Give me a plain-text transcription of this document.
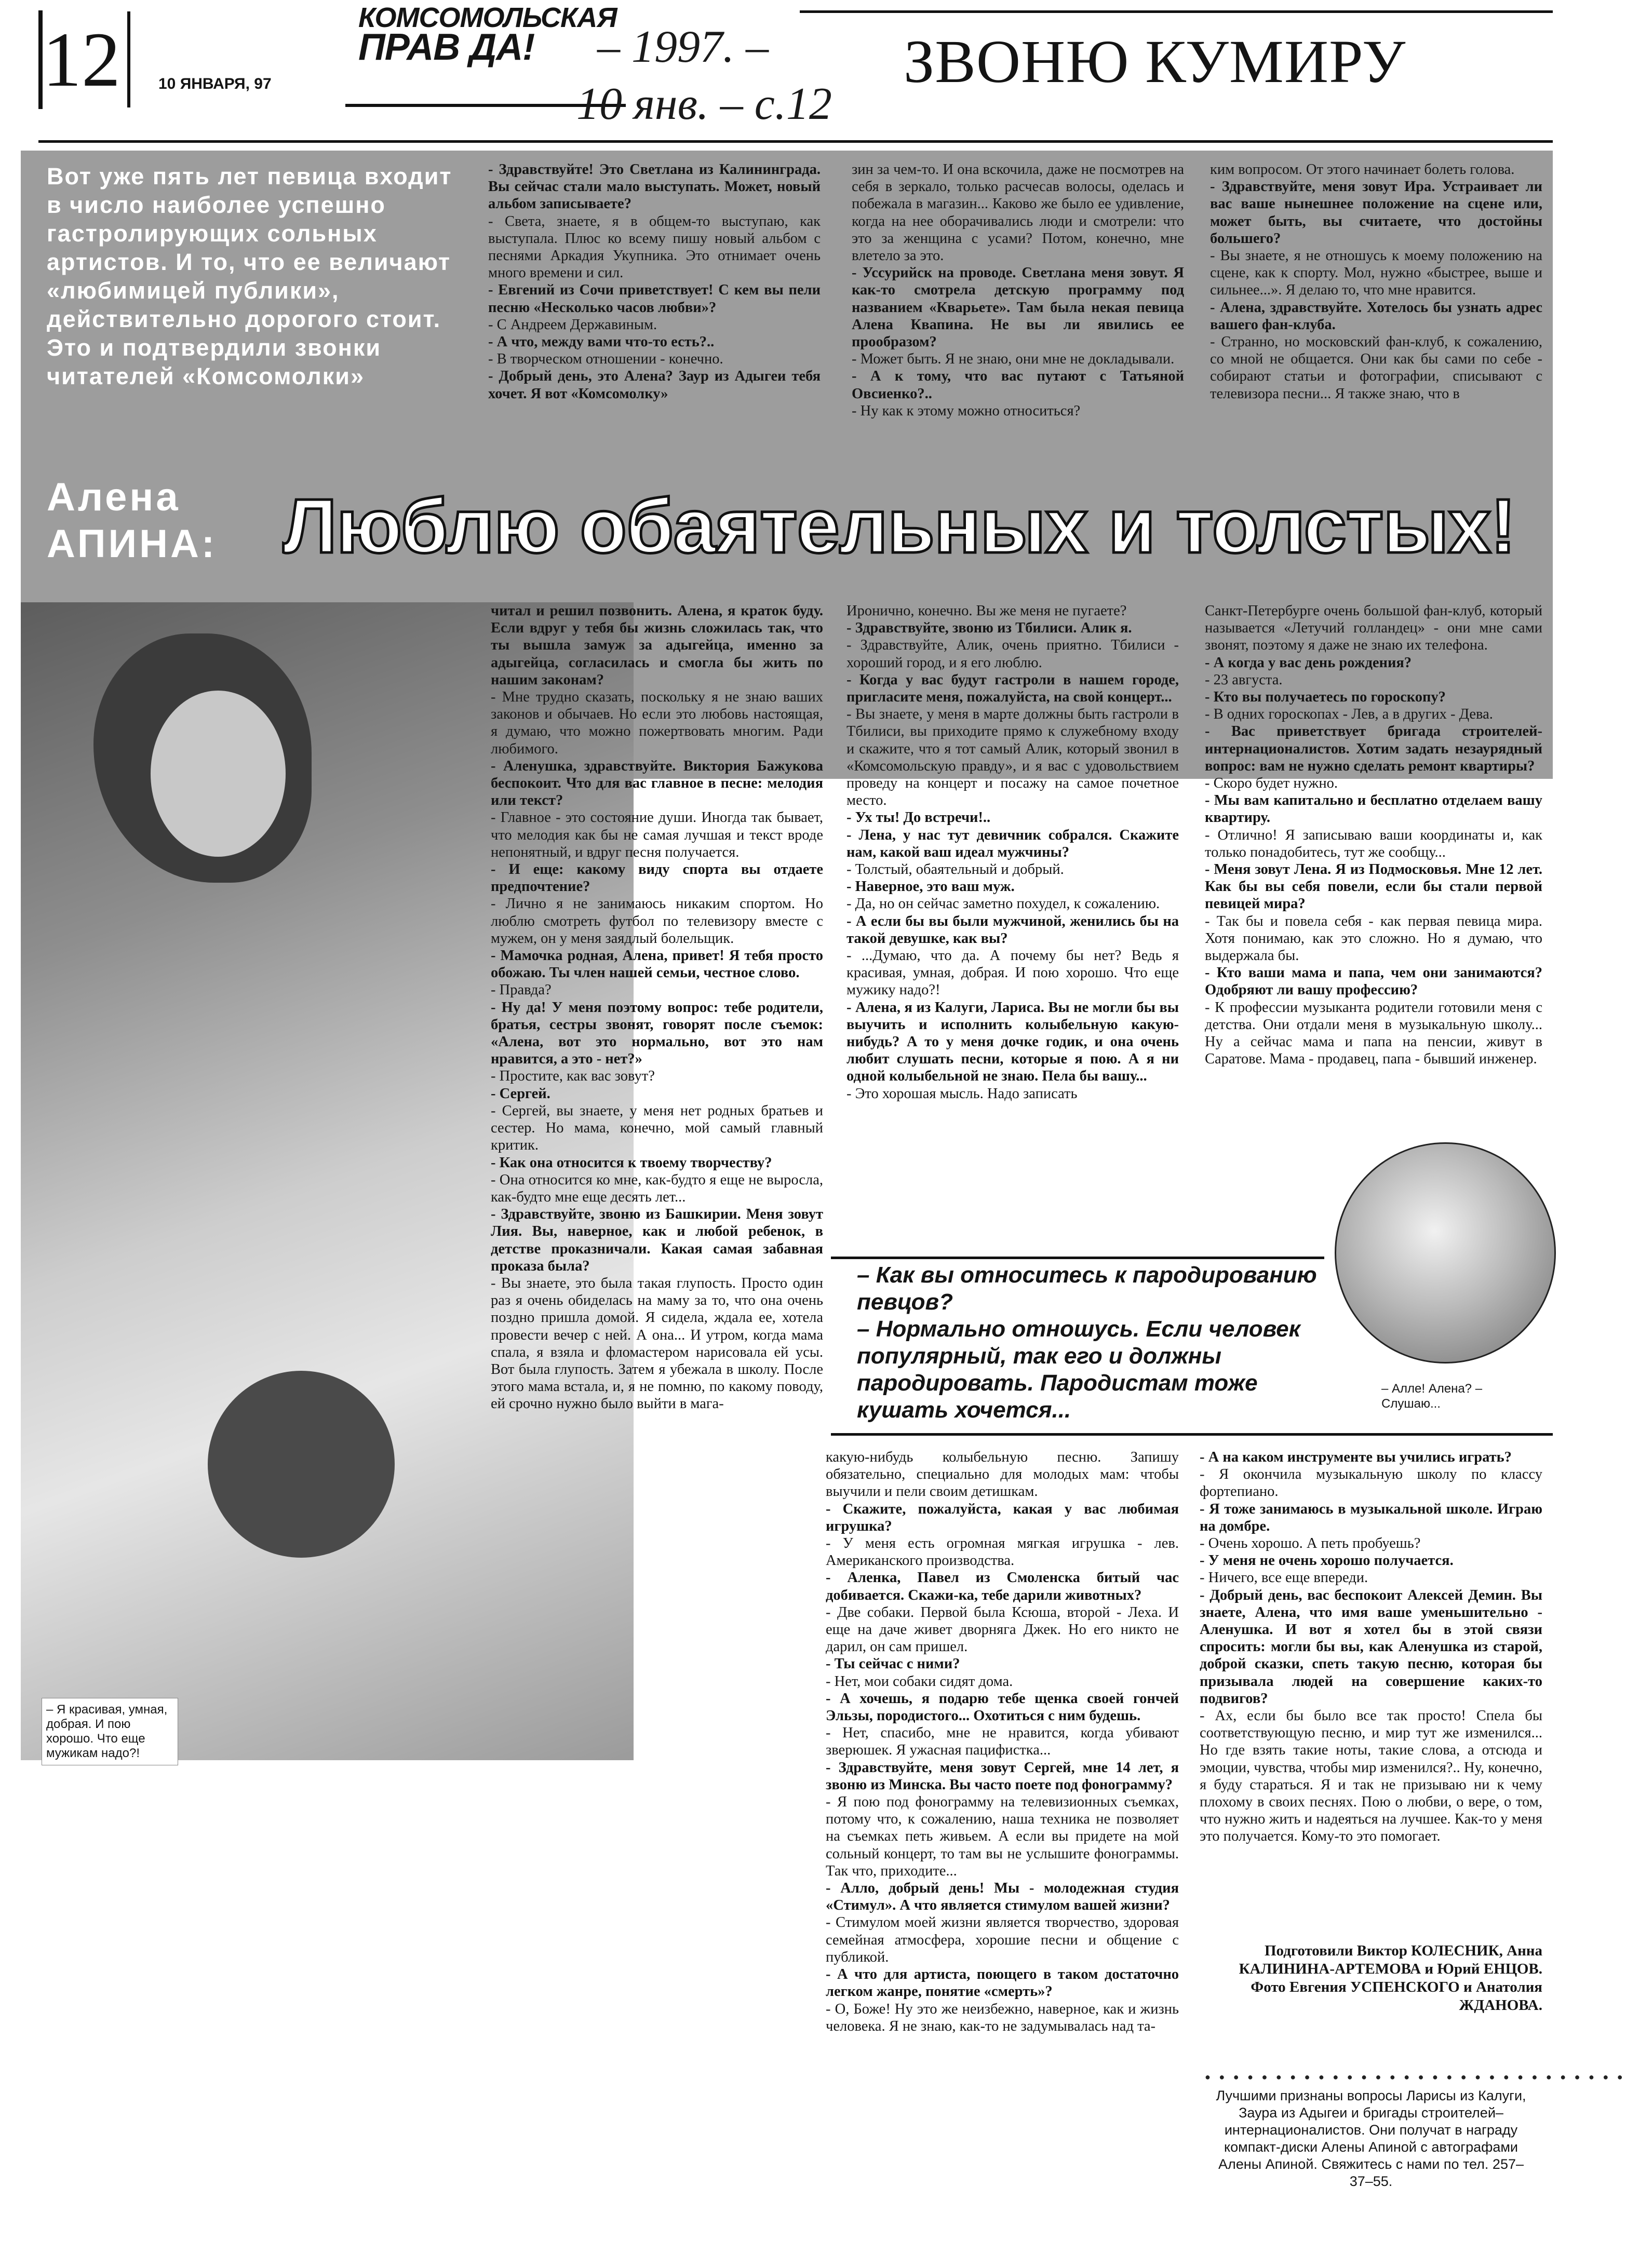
12 10 ЯНВАРЯ, 97
КОМСОМОЛЬСКАЯ
ПРАВ ДА!	– 1997. –
10 янв. – с.12
ЗВОНЮ КУМИРУ
Вот уже пять лет певица входит в число наиболее успешно гастролирующих сольных артистов. И то, что ее величают «любимицей публики», действительно дорогого стоит. Это и подтвердили звонки читателей «Комсомолки»
Алена
АПИНА: Люблю обаятельных и толстых!
- Здравствуйте! Это Светлана из Калининграда. Вы сейчас стали мало выступать. Может, новый альбом записываете?
- Света, знаете, я в общем-то выступаю, как выступала. Плюс ко всему пишу новый альбом с песнями Аркадия Укупника. Это отнимает очень много времени и сил.
- Евгений из Сочи приветствует! С кем вы пели песню «Несколько часов любви»?
- С Андреем Державиным.
- А что, между вами что-то есть?..
- В творческом отношении - конечно.
- Добрый день, это Алена? Заур из Адыгеи тебя хочет. Я вот «Комсомолку»
зин за чем-то. И она вскочила, даже не посмотрев на себя в зеркало, только расчесав волосы, оделась и побежала в магазин... Каково же было ее удивление, когда на нее оборачивались люди и смотрели: что это за женщина с усами? Потом, конечно, мне влетело за это.
- Уссурийск на проводе. Светлана меня зовут. Я как-то смотрела детскую программу под названием «Кварьете». Там была некая певица Алена Квапина. Не вы ли явились ее прообразом?
- Может быть. Я не знаю, они мне не докладывали.
- А к тому, что вас путают с Татьяной Овсиенко?..
- Ну как к этому можно относиться?
ким вопросом. От этого начинает болеть голова.
- Здравствуйте, меня зовут Ира. Устраивает ли вас ваше нынешнее положение на сцене или, может быть, вы считаете, что достойны большего?
- Вы знаете, я не отношусь к моему положению на сцене, как к спорту. Мол, нужно «быстрее, выше и сильнее...». Я делаю то, что мне нравится.
- Алена, здравствуйте. Хотелось бы узнать адрес вашего фан-клуба.
- Странно, но московский фан-клуб, к сожалению, со мной не общается. Они как бы сами по себе - собирают статьи и фотографии, списывают с телевизора песни... Я также знаю, что в
читал и решил позвонить. Алена, я краток буду. Если вдруг у тебя бы жизнь сложилась так, что ты вышла замуж за адыгейца, именно за адыгейца, согласилась и смогла бы жить по нашим законам?
- Мне трудно сказать, поскольку я не знаю ваших законов и обычаев. Но если это любовь настоящая, я думаю, что можно пожертвовать многим. Ради любимого.
- Аленушка, здравствуйте. Виктория Бажукова беспокоит. Что для вас главное в песне: мелодия или текст?
- Главное - это состояние души. Иногда так бывает, что мелодия как бы не самая лучшая и текст вроде непонятный, и вдруг песня получается.
- И еще: какому виду спорта вы отдаете предпочтение?
- Лично я не занимаюсь никаким спортом. Но люблю смотреть футбол по телевизору вместе с мужем, он у меня заядлый болельщик.
- Мамочка родная, Алена, привет! Я тебя просто обожаю. Ты член нашей семьи, честное слово.
- Правда?
- Ну да! У меня поэтому вопрос: тебе родители, братья, сестры звонят, говорят после съемок: «Алена, вот это нормально, вот это нам нравится, а это - нет?»
- Простите, как вас зовут?
- Сергей.
- Сергей, вы знаете, у меня нет родных братьев и сестер. Но мама, конечно, мой самый главный критик.
- Как она относится к твоему творчеству?
- Она относится ко мне, как-будто я еще не выросла, как-будто мне еще десять лет...
- Здравствуйте, звоню из Башкирии. Меня зовут Лия. Вы, наверное, как и любой ребенок, в детстве проказничали. Какая самая забавная проказа была?
- Вы знаете, это была такая глупость. Просто один раз я очень обиделась на маму за то, что она очень поздно пришла домой. Я сидела, ждала ее, хотела провести вечер с ней. А она... И утром, когда мама спала, я взяла и фломастером нарисовала ей усы. Вот была глупость. Затем я убежала в школу. После этого мама встала, и, я не помню, по какому поводу, ей срочно нужно было выйти в мага-
Иронично, конечно. Вы же меня не пугаете?
- Здравствуйте, звоню из Тбилиси. Алик я.
- Здравствуйте, Алик, очень приятно. Тбилиси - хороший город, и я его люблю.
- Когда у вас будут гастроли в нашем городе, пригласите меня, пожалуйста, на свой концерт...
- Вы знаете, у меня в марте должны быть гастроли в Тбилиси, вы приходите прямо к служебному входу и скажите, что я тот самый Алик, который звонил в «Комсомольскую правду», и я вас с удовольствием проведу на концерт и посажу на самое почетное место.
- Ух ты! До встречи!..
- Лена, у нас тут девичник собрался. Скажите нам, какой ваш идеал мужчины?
- Толстый, обаятельный и добрый.
- Наверное, это ваш муж.
- Да, но он сейчас заметно похудел, к сожалению.
- А если бы вы были мужчиной, женились бы на такой девушке, как вы?
- ...Думаю, что да. А почему бы нет? Ведь я красивая, умная, добрая. И пою хорошо. Что еще мужику надо?!
- Алена, я из Калуги, Лариса. Вы не могли бы вы выучить и исполнить колыбельную какую-нибудь? А то у меня дочке годик, и она очень любит слушать песни, которые я пою. А я ни одной колыбельной не знаю. Пела бы вашу...
- Это хорошая мысль. Надо записать
Санкт-Петербурге очень большой фан-клуб, который называется «Летучий голландец» - они мне сами звонят, поэтому я даже не знаю их телефона.
- А когда у вас день рождения?
- 23 августа.
- Кто вы получаетесь по гороскопу?
- В одних гороскопах - Лев, а в других - Дева.
- Вас приветствует бригада строителей-интернационалистов. Хотим задать незаурядный вопрос: вам не нужно сделать ремонт квартиры?
- Скоро будет нужно.
- Мы вам капитально и бесплатно отделаем вашу квартиру.
- Отлично! Я записываю ваши координаты и, как только понадобитесь, тут же сообщу...
- Меня зовут Лена. Я из Подмосковья. Мне 12 лет. Как бы вы себя повели, если бы стали первой певицей мира?
- Так бы и повела себя - как первая певица мира. Хотя понимаю, как это сложно. Но я думаю, что выдержала бы.
- Кто ваши мама и папа, чем они занимаются? Одобряют ли вашу профессию?
- К профессии музыканта родители готовили меня с детства. Они отдали меня в музыкальную школу... Ну а сейчас мама и папа на пенсии, живут в Саратове. Мама - продавец, папа - бывший инженер.
– Алле! Алена? – Слушаю...
– Как вы относитесь к пародированию певцов?
– Нормально отношусь. Если человек популярный, так его и должны пародировать. Пародистам тоже кушать хочется...
– Я красивая, умная, добрая. И пою хорошо. Что еще мужикам надо?!
какую-нибудь колыбельную песню. Запишу обязательно, специально для молодых мам: чтобы выучили и пели своим детишкам.
- Скажите, пожалуйста, какая у вас любимая игрушка?
- У меня есть огромная мягкая игрушка - лев. Американского производства.
- Аленка, Павел из Смоленска битый час добивается. Скажи-ка, тебе дарили животных?
- Две собаки. Первой была Ксюша, второй - Леха. И еще на даче живет дворняга Джек. Но его никто не дарил, он сам пришел.
- Ты сейчас с ними?
- Нет, мои собаки сидят дома.
- А хочешь, я подарю тебе щенка своей гончей Эльзы, породистого... Охотиться с ним будешь.
- Нет, спасибо, мне не нравится, когда убивают зверюшек. Я ужасная пацифистка...
- Здравствуйте, меня зовут Сергей, мне 14 лет, я звоню из Минска. Вы часто поете под фонограмму?
- Я пою под фонограмму на телевизионных съемках, потому что, к сожалению, наша техника не позволяет на съемках петь живьем. А если вы придете на мой сольный концерт, то там вы не услышите фонограммы. Так что, приходите...
- Алло, добрый день! Мы - молодежная студия «Стимул». А что является стимулом вашей жизни?
- Стимулом моей жизни является творчество, здоровая семейная атмосфера, хорошие песни и общение с публикой.
- А что для артиста, поющего в таком достаточно легком жанре, понятие «смерть»?
- О, Боже! Ну это же неизбежно, наверное, как и жизнь человека. Я не знаю, как-то не задумывалась над та-
- А на каком инструменте вы учились играть?
- Я окончила музыкальную школу по классу фортепиано.
- Я тоже занимаюсь в музыкальной школе. Играю на домбре.
- Очень хорошо. А петь пробуешь?
- У меня не очень хорошо получается.
- Ничего, все еще впереди.
- Добрый день, вас беспокоит Алексей Демин. Вы знаете, Алена, что имя ваше уменьшительно - Аленушка. И вот я хотел бы в этой связи спросить: могли бы вы, как Аленушка из старой, доброй сказки, спеть такую песню, которая бы призывала людей на совершение каких-то подвигов?
- Ах, если бы было все так просто! Спела бы соответствующую песню, и мир тут же изменился... Но где взять такие ноты, такие слова, а отсюда и эмоции, чувства, чтобы мир изменился?.. Ну, конечно, я буду стараться. Я и так не призываю ни к чему плохому в своих песнях. Пою о любви, о вере, о том, что нужно жить и надеяться на лучшее. Как-то у меня это получается. Кому-то это помогает.
Подготовили Виктор КОЛЕСНИК, Анна КАЛИНИНА-АРТЕМОВА и Юрий ЕНЦОВ. Фото Евгения УСПЕНСКОГО и Анатолия ЖДАНОВА.
● ● ● ● ● ● ● ● ● ● ● ● ● ● ● ● ● ● ● ● ● ● ● ● ● ● ● ● ● ●
Лучшими признаны вопросы Ларисы из Калуги, Заура из Адыгеи и бригады строителей–интернационалистов. Они получат в награду компакт-диски Алены Апиной с автографами Алены Апиной. Свяжитесь с нами по тел. 257–37–55.
